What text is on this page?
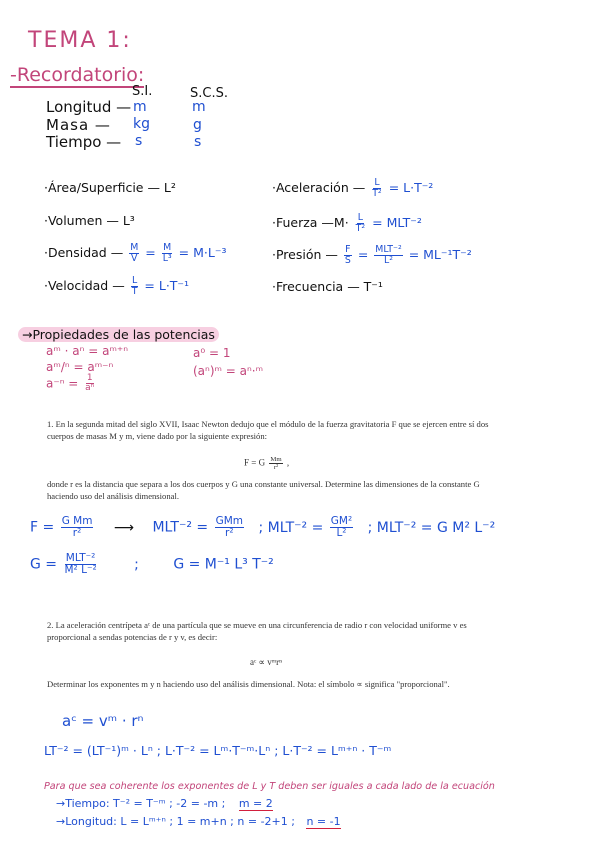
TEMA 1:
-Recordatorio:
S.I.	S.C.S.
Longitud — m	m
Masa — kg	g
Tiempo — s	s
·Área/Superficie — L²
·Volumen — L³
·Densidad — $\frac{M}{V} = \frac{M}{\text{L³}} = M\cdot L^{-3}$
·Velocidad — $\frac{L}{T} = L\cdot T^{-1}$
·Aceleración — $\frac{L}{\text{T²}} = L\cdot T^{-2}$
·Fuerza —M· $\frac{L}{\text{T²}} = MLT^{-2}$
·Presión — $\frac{F}{S} = \frac{\text{MLT⁻²}}{\text{L²}} = ML^{-1}T^{-2}$
·Frecuencia — T⁻¹
→Propiedades de las potencias
aᵐ · aⁿ = aᵐ⁺ⁿ
aᵐ/ⁿ = aᵐ⁻ⁿ
$a^{-n} = \frac{1}{\text{aⁿ}}$
a⁰ = 1
(aⁿ)ᵐ = aⁿ·ᵐ
1. En la segunda mitad del siglo XVII, Isaac Newton dedujo que el módulo de la fuerza gravitatoria F que se ejercen entre sí dos cuerpos de masas M y m, viene dado por la siguiente expresión:
F = G $\frac{Mm}{\text{r²}}$ ,
donde r es la distancia que separa a los dos cuerpos y G una constante universal. Determine las dimensiones de la constante G haciendo uso del análisis dimensional.
$F = \frac{\text{G Mm}}{\text{r²}}$ ⟶ $MLT^{-2} = \frac{\text{GMm}}{\text{r²}}$ ; $MLT^{-2} = \frac{\text{GM²}}{\text{L²}}$ ; MLT⁻² = G M² L⁻²
$G = \frac{\text{MLT⁻²}}{\text{M² L⁻²}}$	; G = M⁻¹ L³ T⁻²
2. La aceleración centrípeta aᶜ de una partícula que se mueve en una circunferencia de radio r con velocidad uniforme v es proporcional a sendas potencias de r y v, es decir:
aᶜ ∝ vᵐrⁿ
Determinar los exponentes m y n haciendo uso del análisis dimensional. Nota: el símbolo ∝ significa "proporcional".
aᶜ = vᵐ · rⁿ
LT⁻² = (LT⁻¹)ᵐ · Lⁿ ; L·T⁻² = Lᵐ·T⁻ᵐ·Lⁿ ; L·T⁻² = Lᵐ⁺ⁿ · T⁻ᵐ
Para que sea coherente los exponentes de L y T deben ser iguales a cada lado de la ecuación
→Tiempo: T⁻² = T⁻ᵐ ; -2 = -m ; m = 2
→Longitud: L = Lᵐ⁺ⁿ ; 1 = m+n ; n = -2+1 ; n = -1
